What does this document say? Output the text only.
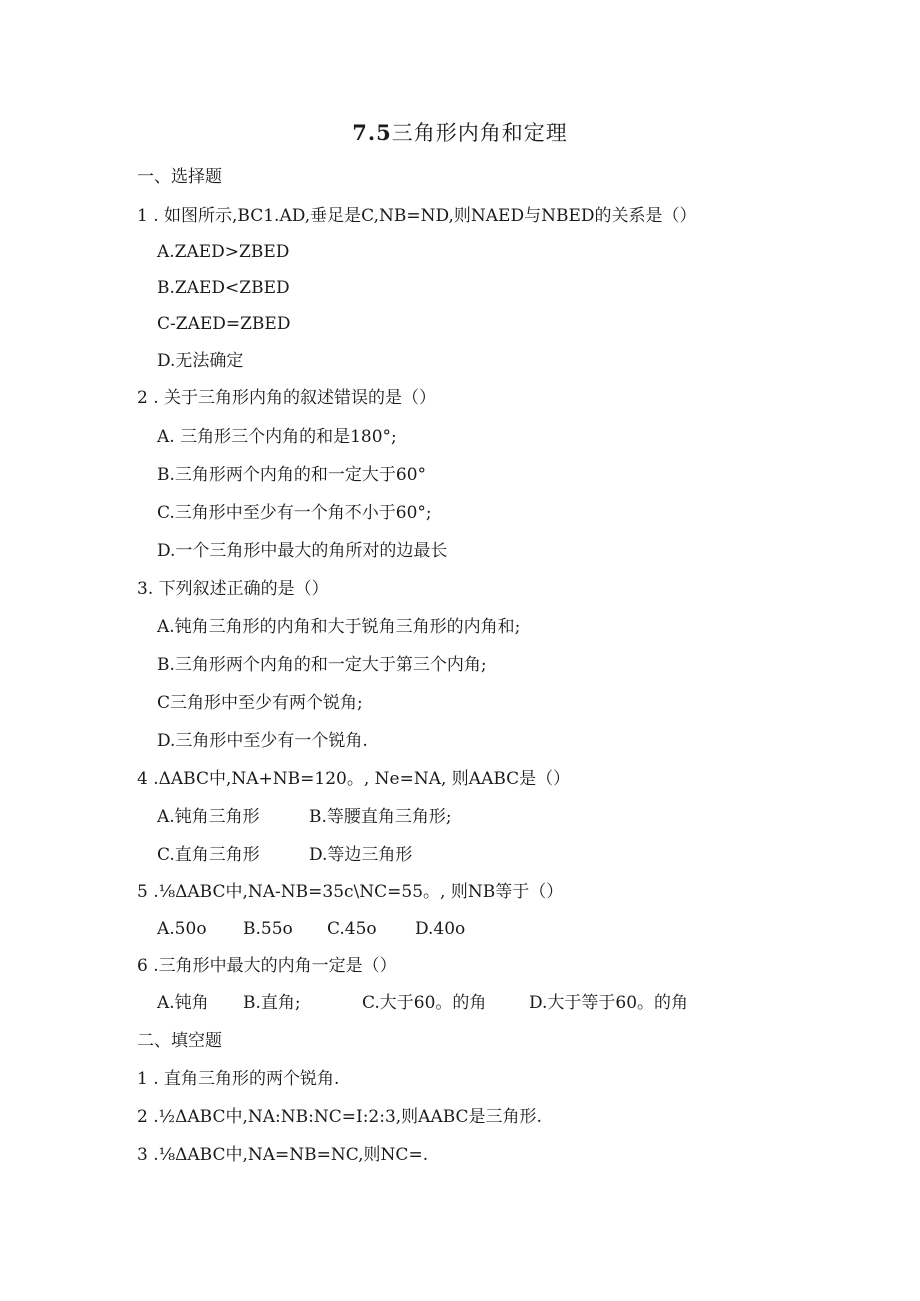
7.5三角形内角和定理
一、选择题
1 . 如图所示,BC1.AD,垂足是C,NB=ND,则NAED与NBED的关系是（）
A.ZAED>ZBED
B.ZAED<ZBED
C-ZAED=ZBED
D.无法确定
2 . 关于三角形内角的叙述错误的是（）
A. 三角形三个内角的和是180°;
B.三角形两个内角的和一定大于60°
C.三角形中至少有一个角不小于60°;
D.一个三角形中最大的角所对的边最长
3. 下列叙述正确的是（）
A.钝角三角形的内角和大于锐角三角形的内角和;
B.三角形两个内角的和一定大于第三个内角;
C三角形中至少有两个锐角;
D.三角形中至少有一个锐角.
4 .ΔABC中,NA+NB=120。, Ne=NA, 则AABC是（）
A.钝角三角形	B.等腰直角三角形;
C.直角三角形	D.等边三角形
5 .⅛ΔABC中,NA-NB=35c\NC=55。, 则NB等于（）
A.50o B.55o C.45o D.40o
6 .三角形中最大的内角一定是（）
A.钝角 B.直角;	C.大于60。的角	D.大于等于60。的角
二、填空题
1 . 直角三角形的两个锐角.
2 .½ΔABC中,NA:NB:NC=I:2:3,则AABC是三角形.
3 .⅛ΔABC中,NA=NB=NC,则NC=.
